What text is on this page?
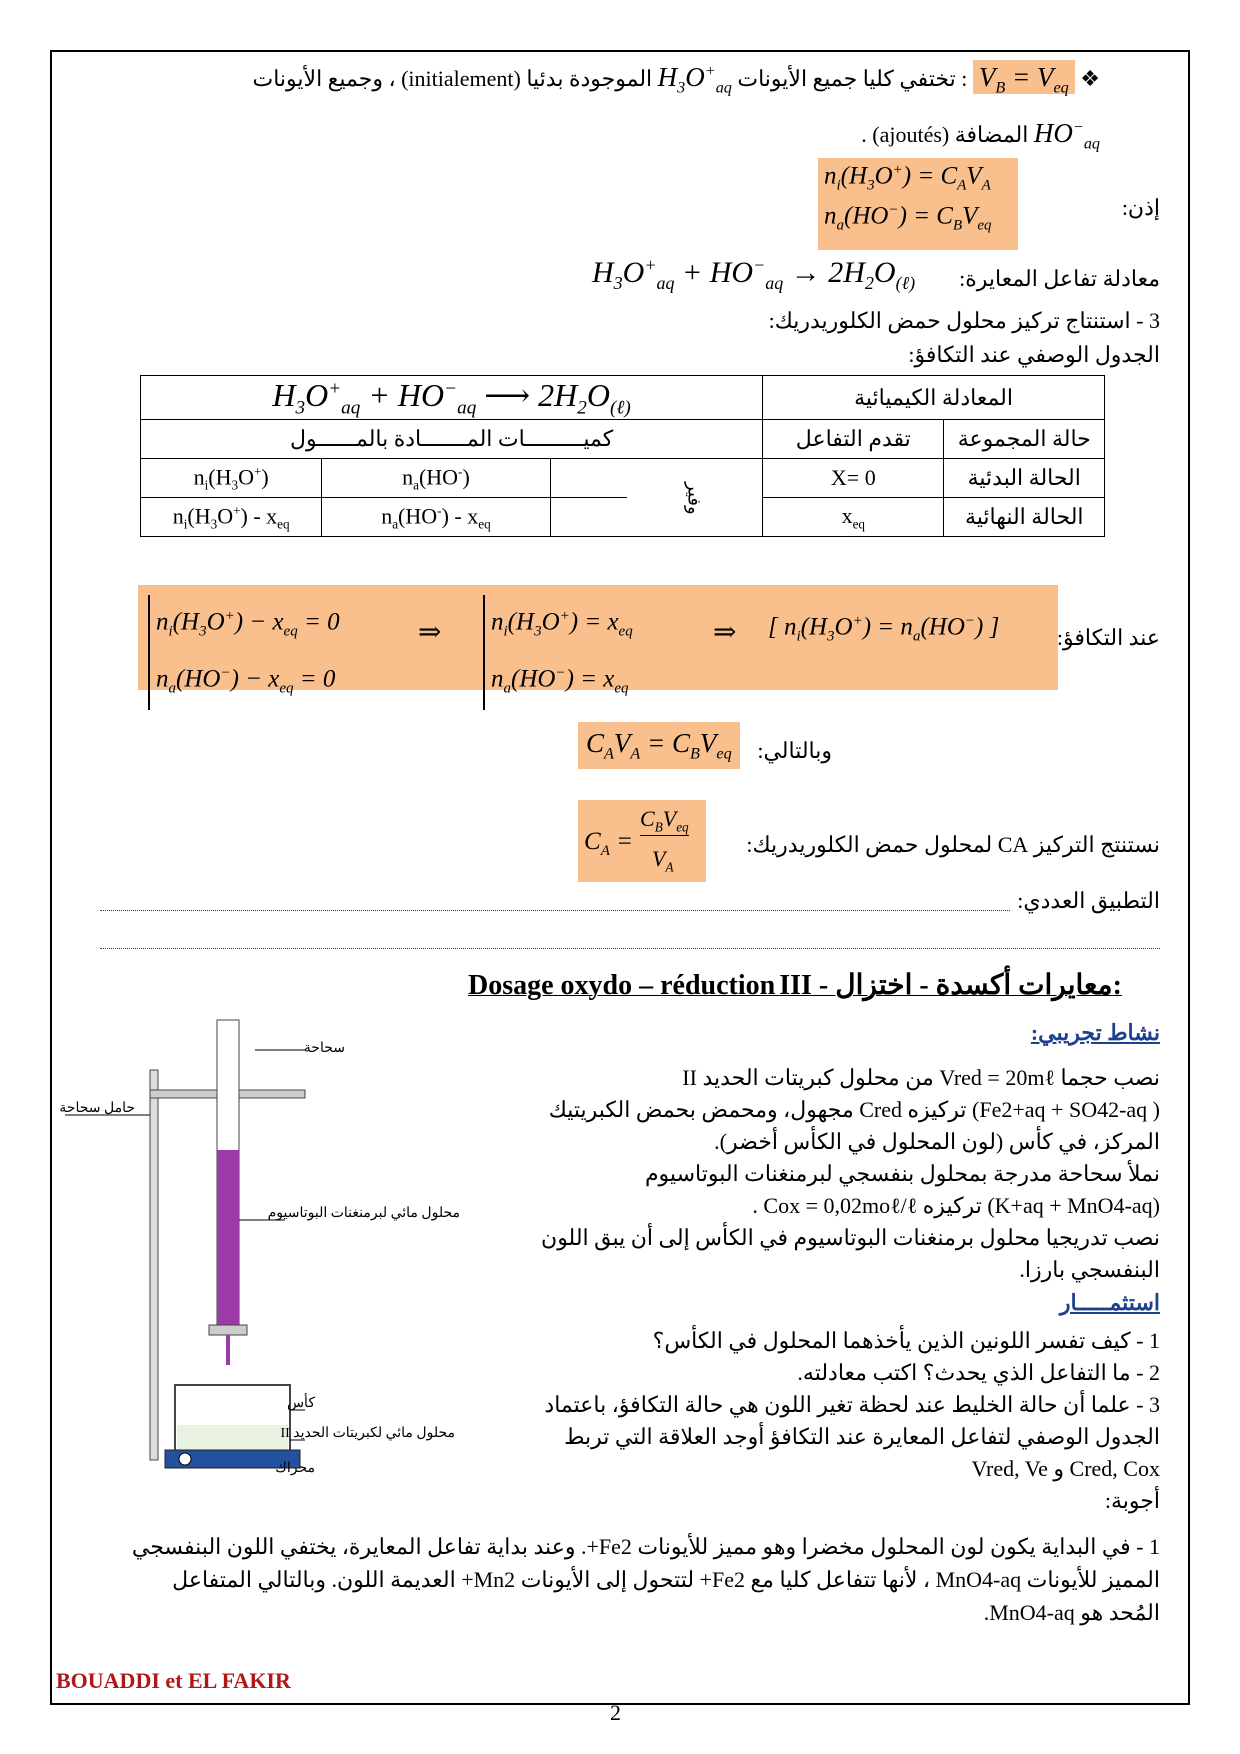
❖ $V_B = V_{eq}$ : تختفي كليا جميع الأيونات $H_3O^+_{aq}$ الموجودة بدئيا (initialement) ، وجميع الأيونات
$HO^-_{aq}$ المضافة (ajoutés) .
$n_i(H_3O^+) = C_AV_A$
$n_a(HO^-) = C_BV_{eq}$
إذن:
معادلة تفاعل المعايرة:
$H_3O^+_{aq} + HO^-_{aq} \to 2H_2O_{(\ell)}$
3 - استنتاج تركيز محلول حمض الكلوريدريك:
الجدول الوصفي عند التكافؤ:
$H_3O^+_{aq} + HO^-_{aq}$ ⟶ $2H_2O_{(\ell)}$				المعادلة الكيميائية	
كميـــــــــات المـــــــادة بالمــــــول				تقدم التفاعل	حالة المجموعة
$n_i(H_3O^+)$	$n_a(HO^-)$		وفير	X= 0	الحالة البدئية
$n_i(H_3O^+) - x_{eq}$	$n_a(HO^-) - x_{eq}$			$x_{eq}$	الحالة النهائية
$n_i(H_3O^+) - x_{eq} = 0$
$n_a(HO^-) - x_{eq} = 0$
⇒	$n_i(H_3O^+) = x_{eq}$
$n_a(HO^-) = x_{eq}$
⇒ [ $n_i(H_3O^+) = n_a(HO^-)$ ]	عند التكافؤ:
$C_AV_A = C_BV_{eq}$	وبالتالي:
$C_A$ =
$C_BV_{eq}$
$V_A$
نستنتج التركيز CA لمحلول حمض الكلوريدريك:
التطبيق العددي:
Dosage oxydo – réduction III - معايرات أكسدة - اختزال:
نشاط تجريبي:
نصب حجما Vred = 20mℓ من محلول كبريتات الحديد II
( Fe2+aq + SO42-aq) تركيزه Cred مجهول، ومحمض بحمض الكبريتيك
المركز، في كأس (لون المحلول في الكأس أخضر).
نملأ سحاحة مدرجة بمحلول بنفسجي لبرمنغنات البوتاسيوم
(K+aq + MnO4-aq) تركيزه Cox = 0,02moℓ/ℓ .
نصب تدريجيا محلول برمنغنات البوتاسيوم في الكأس إلى أن يبق اللون
البنفسجي بارزا.
استثمـــــار
1 - كيف تفسر اللونين الذين يأخذهما المحلول في الكأس؟
2 - ما التفاعل الذي يحدث؟ اكتب معادلته.
3 - علما أن حالة الخليط عند لحظة تغير اللون هي حالة التكافؤ، باعتماد
الجدول الوصفي لتفاعل المعايرة عند التكافؤ أوجد العلاقة التي تربط
Cred, Cox و Vred, Ve
أجوبة:
سحاحة
حامل سحاحة
محلول مائي لبرمنغنات البوتاسيوم
كأس
محلول مائي لكبريتات الحديد II
محراك
1 - في البداية يكون لون المحلول مخضرا وهو مميز للأيونات Fe2+. وعند بداية تفاعل المعايرة، يختفي اللون البنفسجي
المميز للأيونات MnO4-aq ، لأنها تتفاعل كليا مع Fe2+ لتتحول إلى الأيونات Mn2+ العديمة اللون. وبالتالي المتفاعل
المُحد هو MnO4-aq.
BOUADDI et EL FAKIR
2
